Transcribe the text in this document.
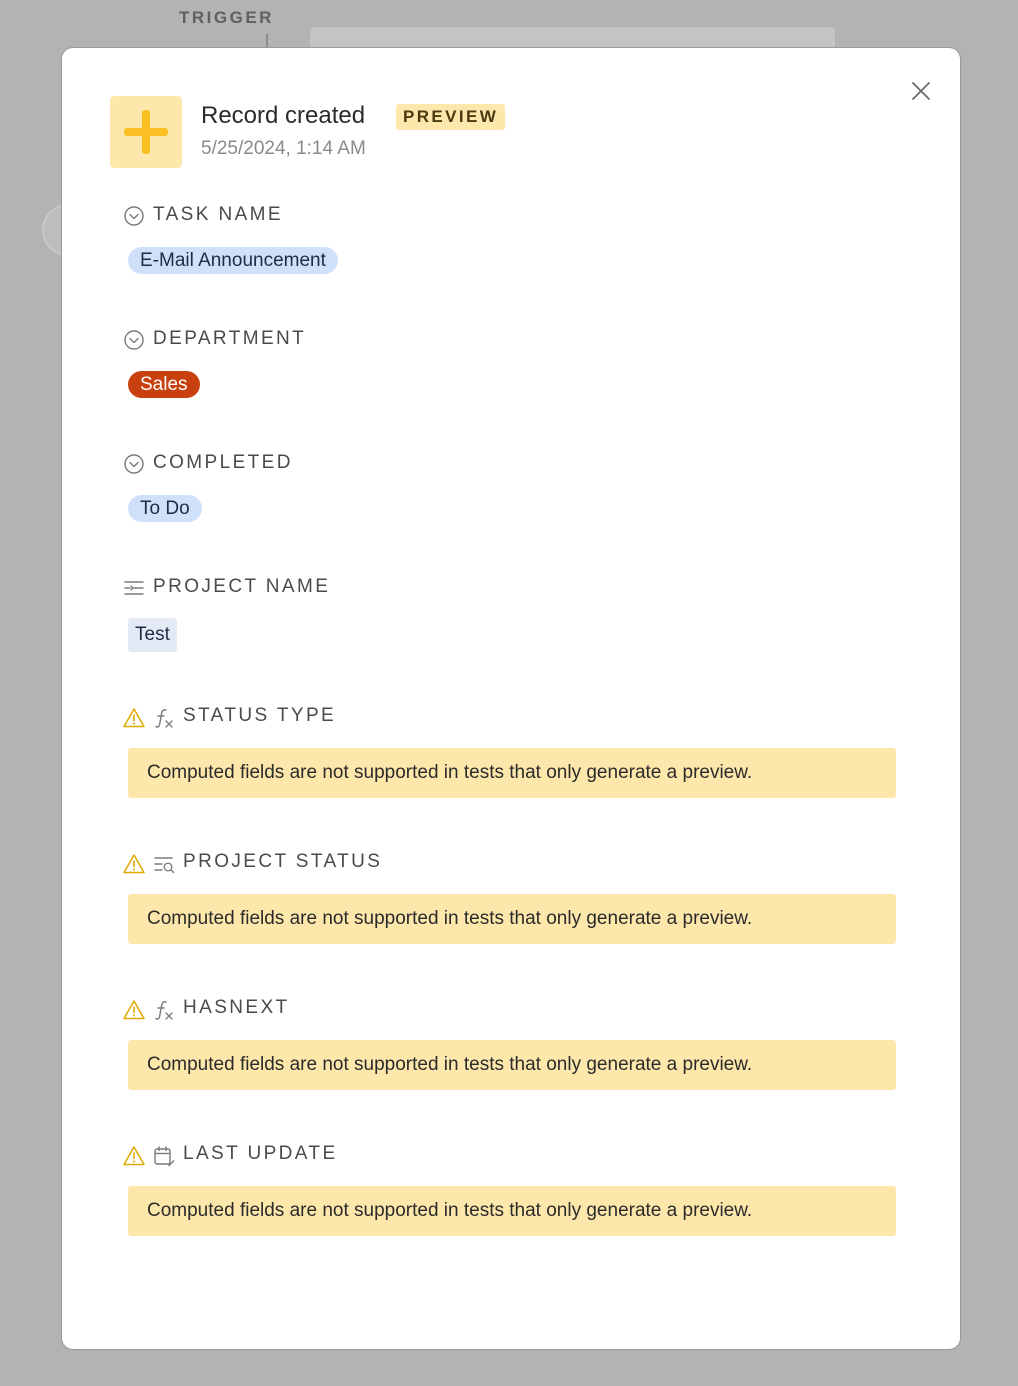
TRIGGER
Record created	PREVIEW
5/25/2024, 1:14 AM
TASK NAME
E-Mail Announcement
DEPARTMENT
Sales
COMPLETED
To Do
PROJECT NAME
Test
STATUS TYPE
Computed fields are not supported in tests that only generate a preview.
PROJECT STATUS
Computed fields are not supported in tests that only generate a preview.
HASNEXT
Computed fields are not supported in tests that only generate a preview.
LAST UPDATE
Computed fields are not supported in tests that only generate a preview.
